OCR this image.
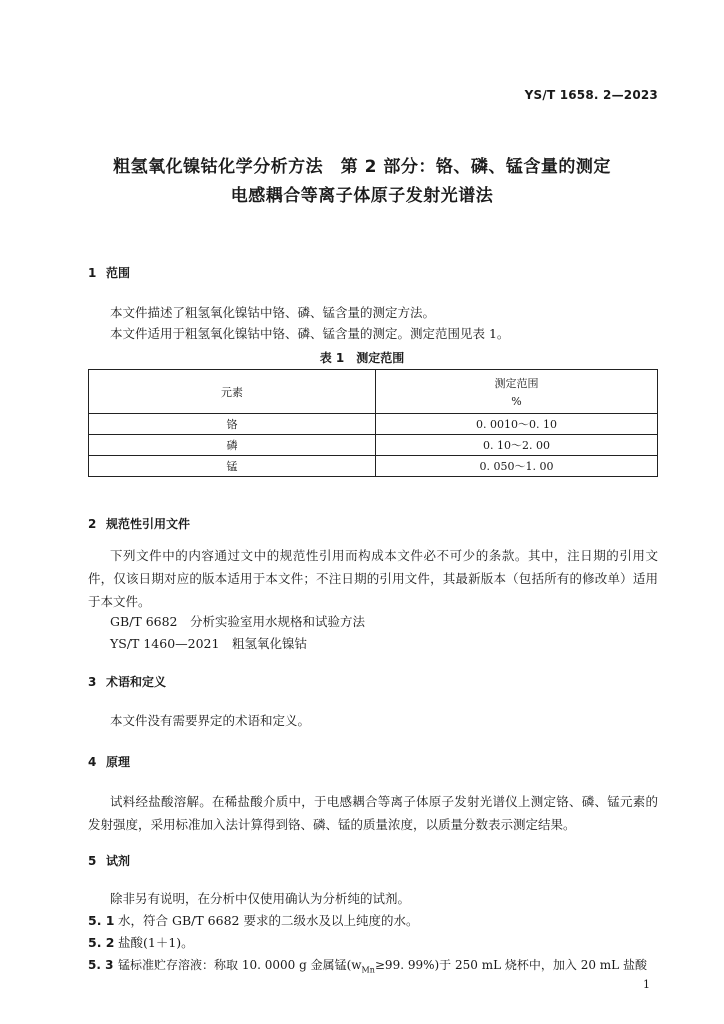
YS/T 1658. 2—2023
粗氢氧化镍钴化学分析方法　第 2 部分：铬、磷、锰含量的测定
电感耦合等离子体原子发射光谱法
1 范围
本文件描述了粗氢氧化镍钴中铬、磷、锰含量的测定方法。
本文件适用于粗氢氧化镍钴中铬、磷、锰含量的测定。测定范围见表 1。
表 1　测定范围
元素	测定范围
%

铬	0. 0010～0. 10
磷	0. 10～2. 00
锰	0. 050～1. 00
2 规范性引用文件
下列文件中的内容通过文中的规范性引用而构成本文件必不可少的条款。其中，注日期的引用文件，仅该日期对应的版本适用于本文件；不注日期的引用文件，其最新版本（包括所有的修改单）适用于本文件。
GB/T 6682　分析实验室用水规格和试验方法
YS/T 1460—2021　粗氢氧化镍钴
3 术语和定义
本文件没有需要界定的术语和定义。
4 原理
试料经盐酸溶解。在稀盐酸介质中，于电感耦合等离子体原子发射光谱仪上测定铬、磷、锰元素的发射强度，采用标准加入法计算得到铬、磷、锰的质量浓度，以质量分数表示测定结果。
5 试剂
除非另有说明，在分析中仅使用确认为分析纯的试剂。
5. 1 水，符合 GB/T 6682 要求的二级水及以上纯度的水。
5. 2 盐酸(1＋1)。
5. 3 锰标准贮存溶液：称取 10. 0000 g 金属锰($w_{Mn}\ge 99$. 99%)于 250 mL 烧杯中，加入 20 mL 盐酸
1
